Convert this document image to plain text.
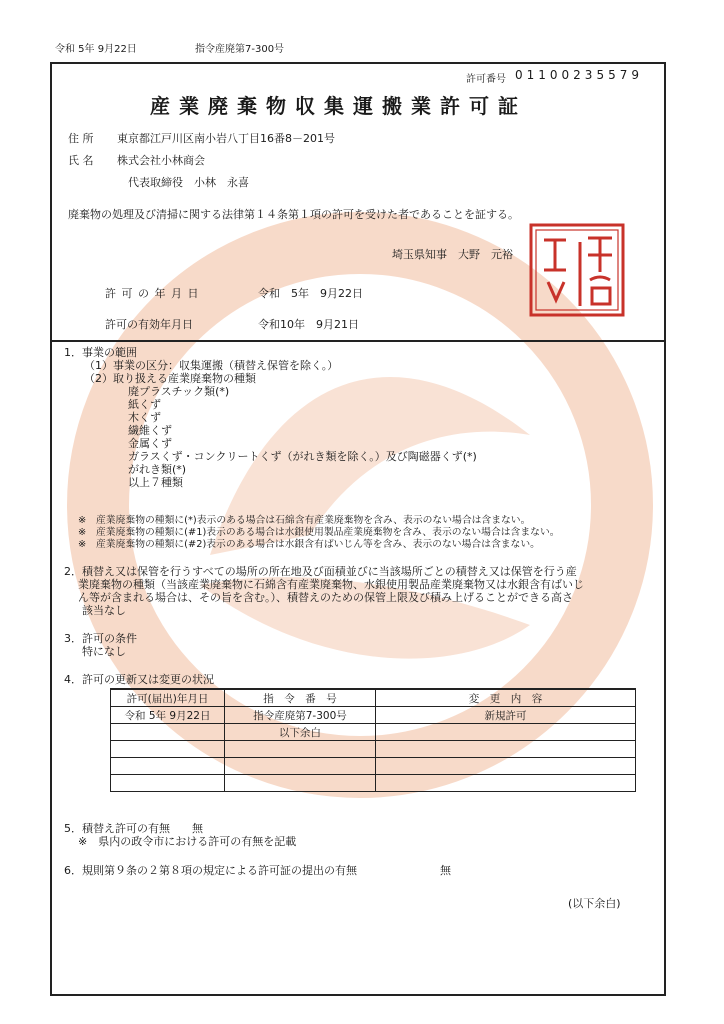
令和 5年 9月22日	指令産廃第7-300号
許可番号 01100235579
産業廃棄物収集運搬業許可証
住 所 東京都江戸川区南小岩八丁目16番8－201号
氏 名 株式会社小林商会
代表取締役　小林　永喜
廃棄物の処理及び清掃に関する法律第１４条第１項の許可を受けた者であることを証する。
埼玉県知事　大野　元裕
許 可 の 年 月 日	令和　5年　9月22日
許可の有効年月日	令和10年　9月21日
1．事業の範囲
（1）事業の区分：収集運搬（積替え保管を除く。）
（2）取り扱える産業廃棄物の種類
廃プラスチック類(*)
紙くず
木くず
繊維くず
金属くず
ガラスくず・コンクリートくず（がれき類を除く。）及び陶磁器くず(*)
がれき類(*)
以上７種類
※　産業廃棄物の種類に(*)表示のある場合は石綿含有産業廃棄物を含み、表示のない場合は含まない。
※　産業廃棄物の種類に(#1)表示のある場合は水銀使用製品産業廃棄物を含み、表示のない場合は含まない。
※　産業廃棄物の種類に(#2)表示のある場合は水銀含有ばいじん等を含み、表示のない場合は含まない。
2．積替え又は保管を行うすべての場所の所在地及び面積並びに当該場所ごとの積替え又は保管を行う産
業廃棄物の種類（当該産業廃棄物に石綿含有産業廃棄物、水銀使用製品産業廃棄物又は水銀含有ばいじ
ん等が含まれる場合は、その旨を含む。）、積替えのための保管上限及び積み上げることができる高さ
該当なし
3．許可の条件
特になし
4．許可の更新又は変更の状況
許可(届出)年月日	指　令　番　号	変　更　内　容
令和 5年 9月22日	指令産廃第7-300号	新規許可
	以下余白	

5．積替え許可の有無　　無
※　県内の政令市における許可の有無を記載
6．規則第９条の２第８項の規定による許可証の提出の有無	無
(以下余白)
